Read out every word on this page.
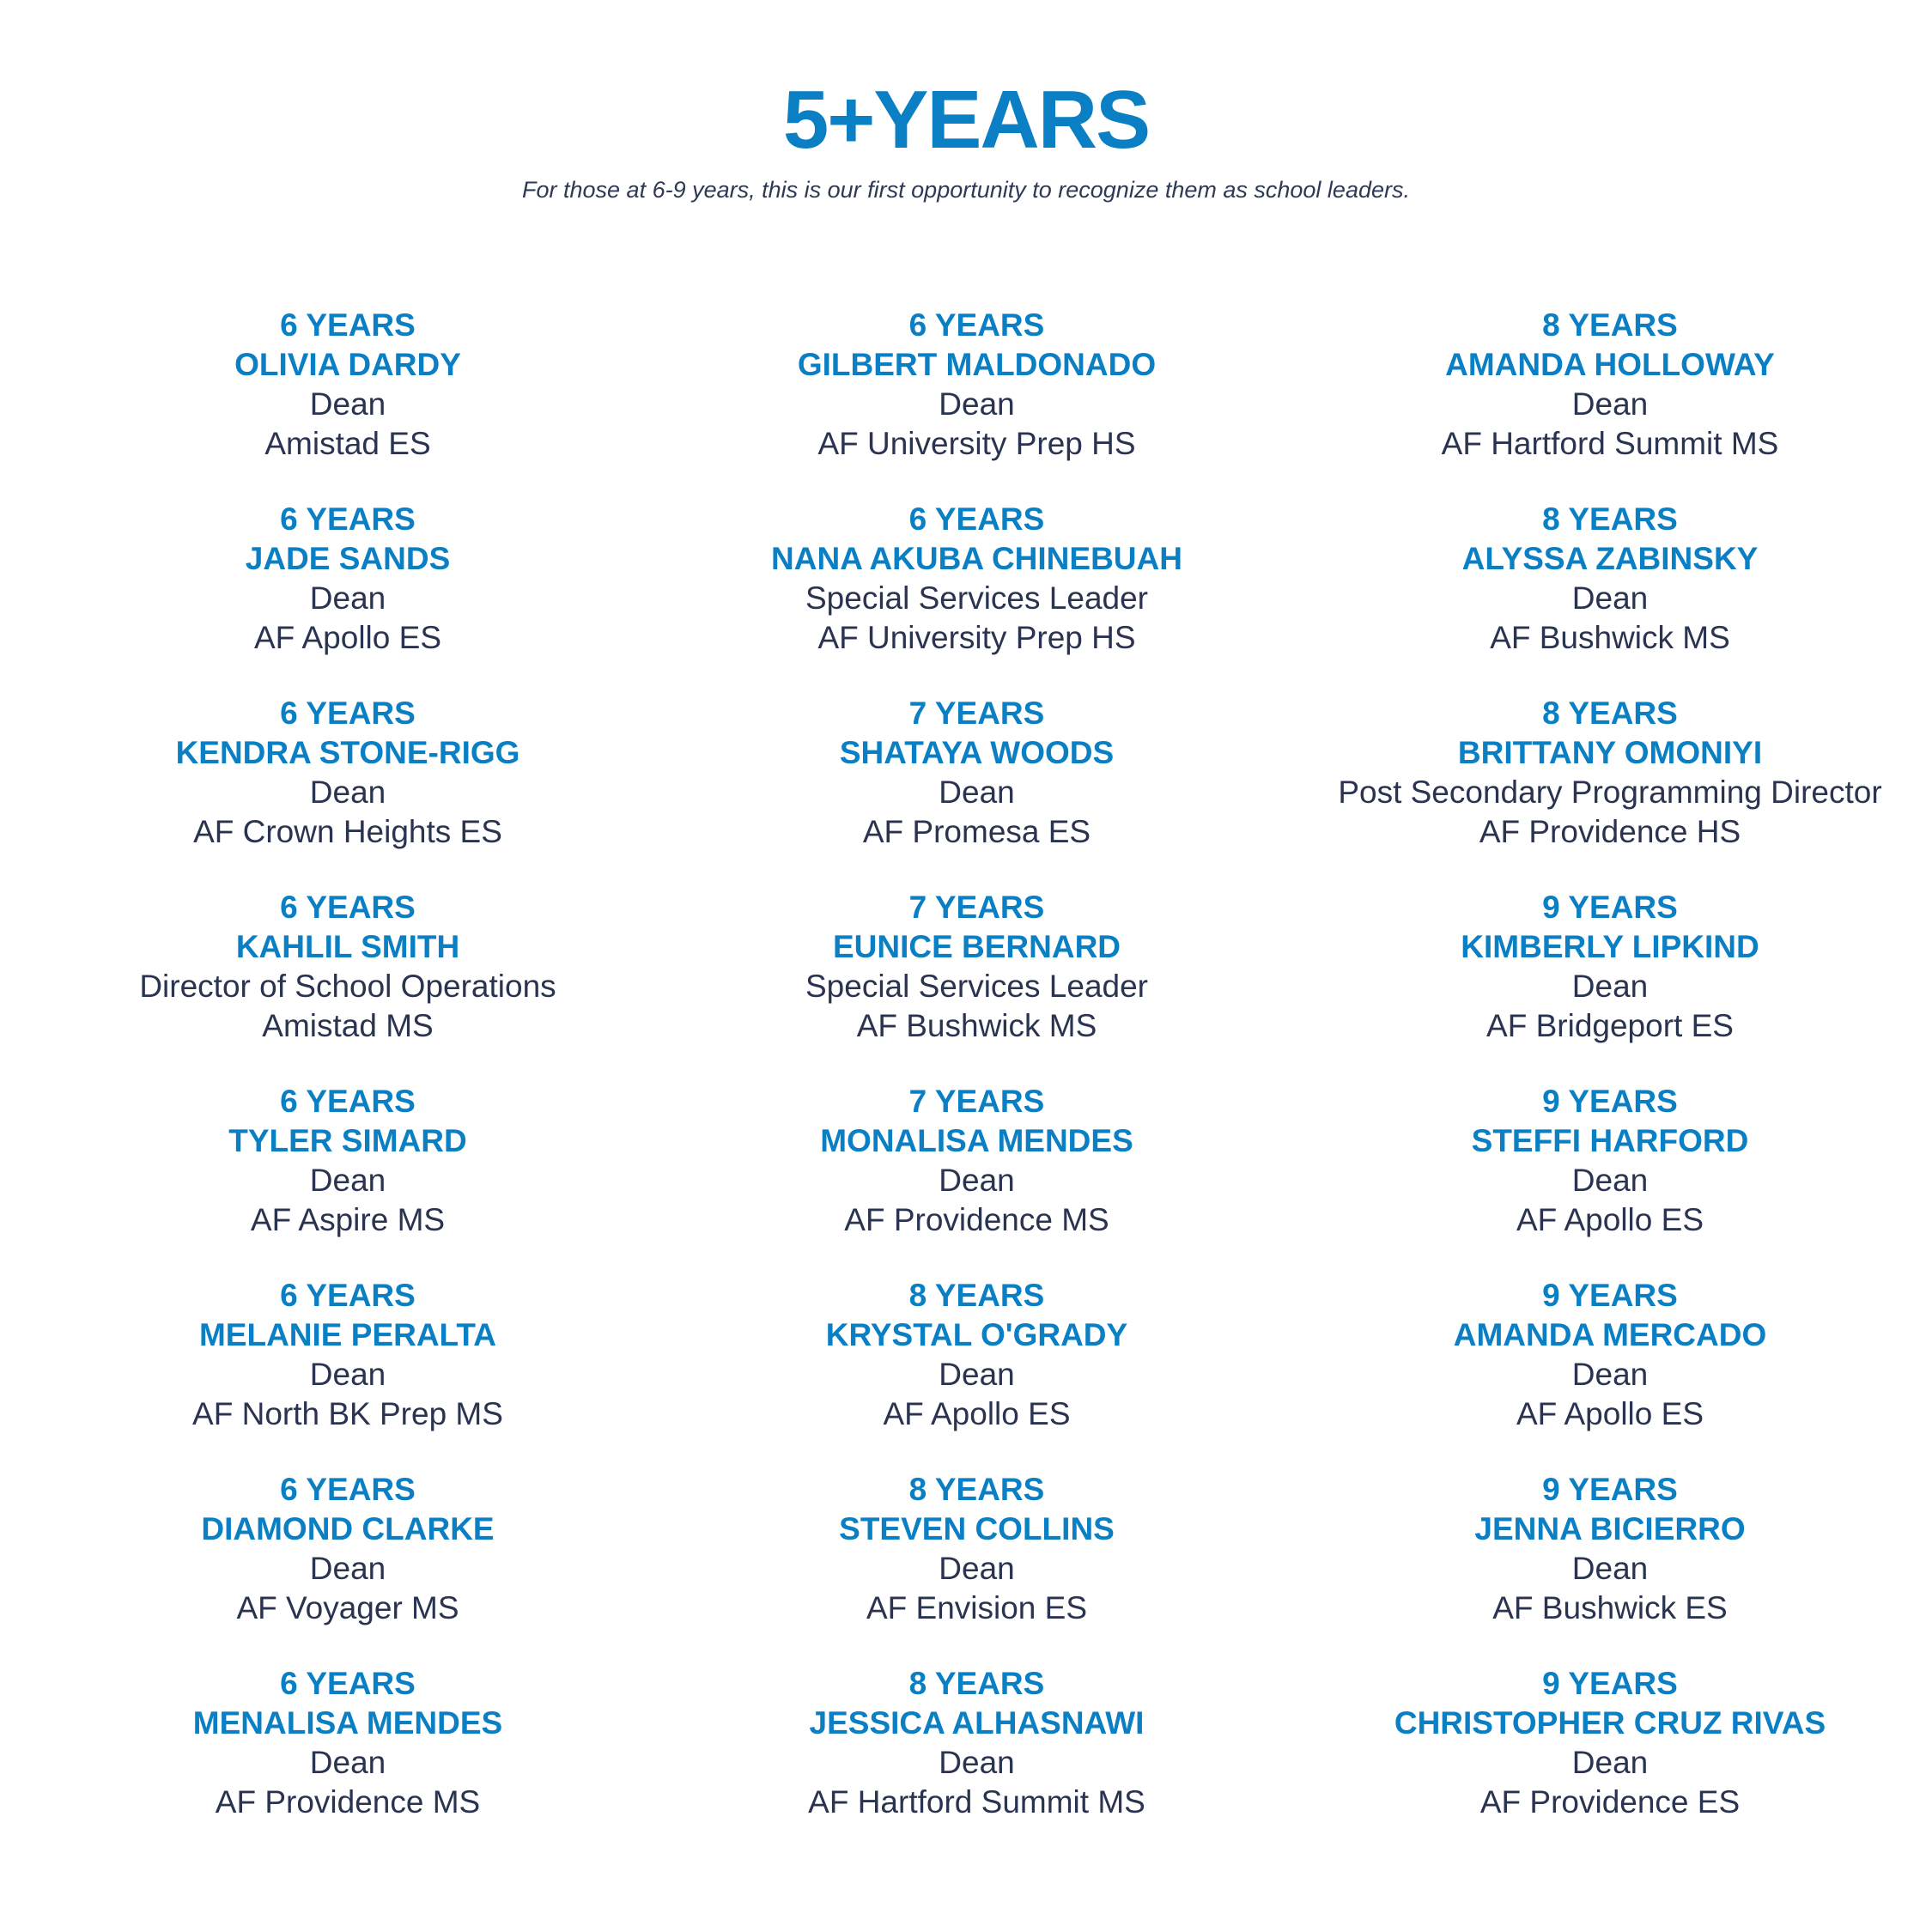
5+YEARS
For those at 6-9 years, this is our first opportunity to recognize them as school leaders.
6 YEARS
OLIVIA DARDY
Dean
Amistad ES
6 YEARS
JADE SANDS
Dean
AF Apollo ES
6 YEARS
KENDRA STONE-RIGG
Dean
AF Crown Heights ES
6 YEARS
KAHLIL SMITH
Director of School Operations
Amistad MS
6 YEARS
TYLER SIMARD
Dean
AF Aspire MS
6 YEARS
MELANIE PERALTA
Dean
AF North BK Prep MS
6 YEARS
DIAMOND CLARKE
Dean
AF Voyager MS
6 YEARS
MENALISA MENDES
Dean
AF Providence MS
6 YEARS
GILBERT MALDONADO
Dean
AF University Prep HS
6 YEARS
NANA AKUBA CHINEBUAH
Special Services Leader
AF University Prep HS
7 YEARS
SHATAYA WOODS
Dean
AF Promesa ES
7 YEARS
EUNICE BERNARD
Special Services Leader
AF Bushwick MS
7 YEARS
MONALISA MENDES
Dean
AF Providence MS
8 YEARS
KRYSTAL O'GRADY
Dean
AF Apollo ES
8 YEARS
STEVEN COLLINS
Dean
AF Envision ES
8 YEARS
JESSICA ALHASNAWI
Dean
AF Hartford Summit MS
8 YEARS
AMANDA HOLLOWAY
Dean
AF Hartford Summit MS
8 YEARS
ALYSSA ZABINSKY
Dean
AF Bushwick MS
8 YEARS
BRITTANY OMONIYI
Post Secondary Programming Director
AF Providence HS
9 YEARS
KIMBERLY LIPKIND
Dean
AF Bridgeport ES
9 YEARS
STEFFI HARFORD
Dean
AF Apollo ES
9 YEARS
AMANDA MERCADO
Dean
AF Apollo ES
9 YEARS
JENNA BICIERRO
Dean
AF Bushwick ES
9 YEARS
CHRISTOPHER CRUZ RIVAS
Dean
AF Providence ES
